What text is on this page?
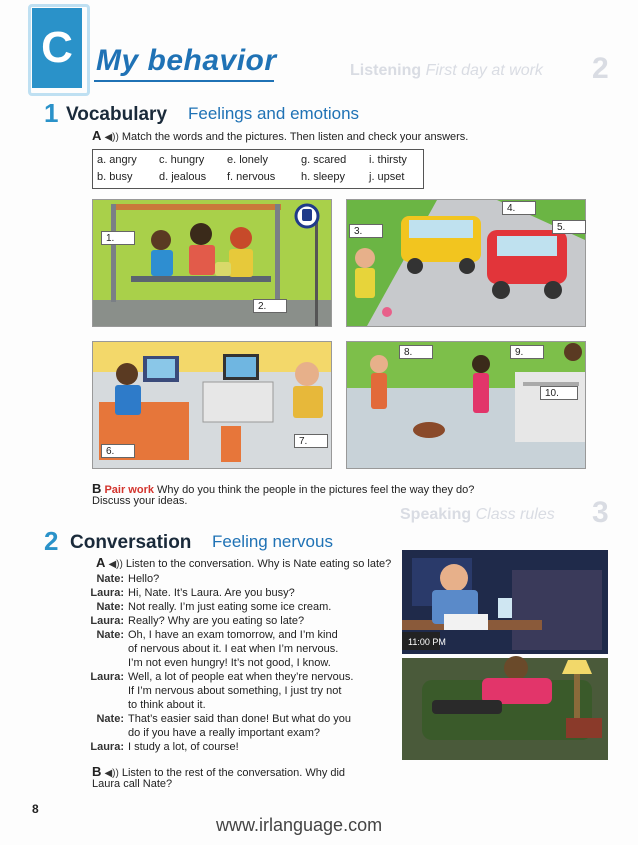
Listening First day at work 2
Speaking Class rules 3
C My behavior
1 Vocabulary Feelings and emotions
A ◀)) Match the words and the pictures. Then listen and check your answers.
a. angry c. hungry e. lonely	g. scared i. thirsty
b. busy d. jealous f. nervous h. sleepy j. upset
1.
2.
3.
4.
5.
6.
7.
8.	9.
10.
B Pair work Why do you think the people in the pictures feel the way they do?
Discuss your ideas.
2 Conversation Feeling nervous
A ◀)) Listen to the conversation. Why is Nate eating so late?
Nate: Hello?
Laura: Hi, Nate. It’s Laura. Are you busy?
Nate: Not really. I’m just eating some ice cream.
Laura: Really? Why are you eating so late?
Nate: Oh, I have an exam tomorrow, and I’m kind
of nervous about it. I eat when I’m nervous.
I’m not even hungry! It’s not good, I know.
Laura: Well, a lot of people eat when they’re nervous.
If I’m nervous about something, I just try not
to think about it.
Nate: That’s easier said than done! But what do you
do if you have a really important exam?
Laura: I study a lot, of course!
11:00 PM
B ◀)) Listen to the rest of the conversation. Why did
Laura call Nate?
8
www.irlanguage.com
